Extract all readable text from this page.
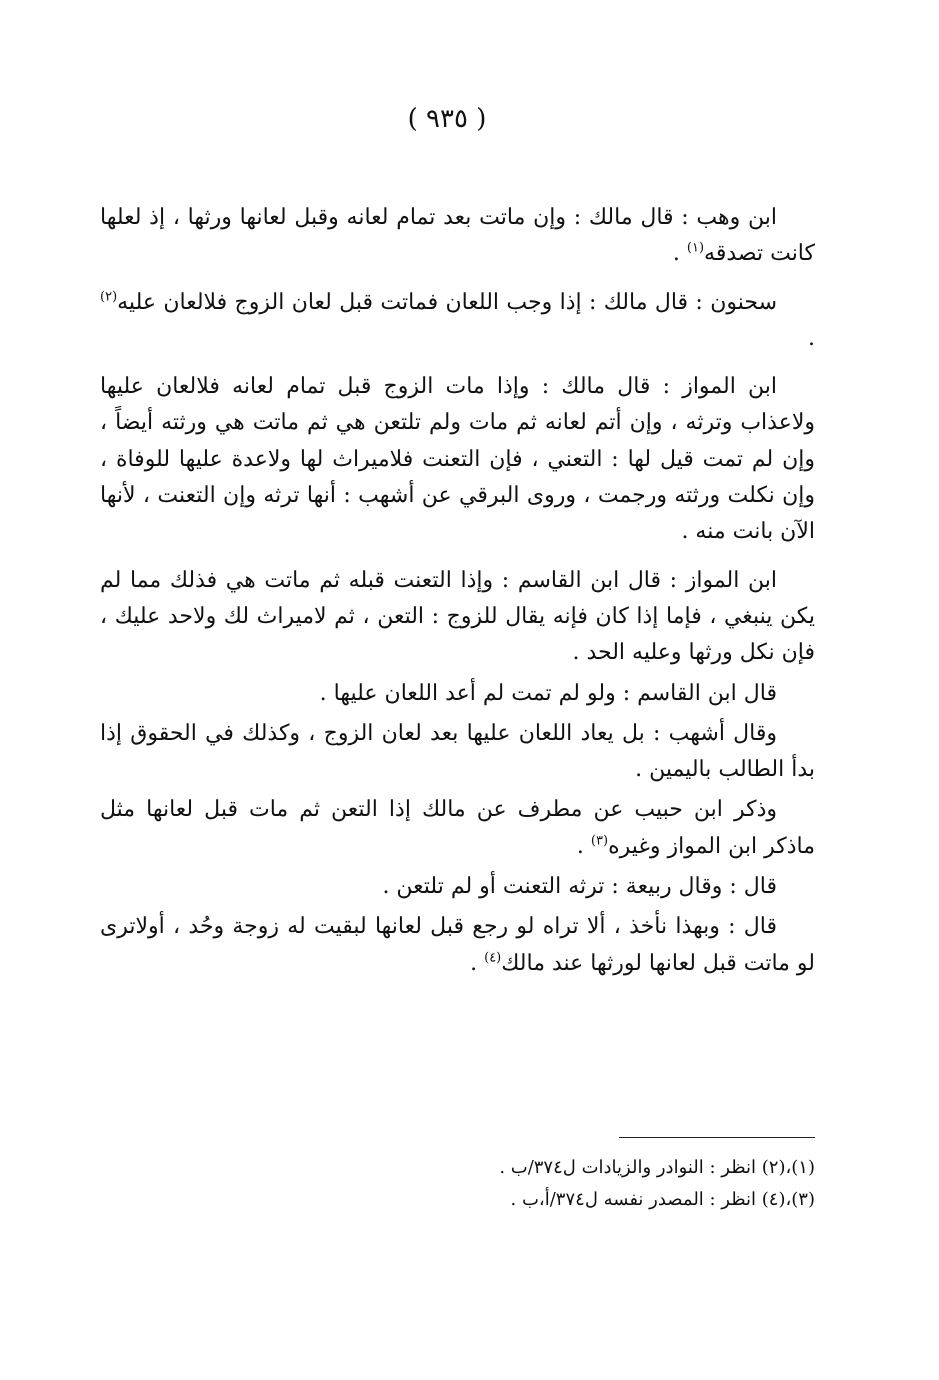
( ٩٣٥ )

ابن وهب : قال مالك : وإن ماتت بعد تمام لعانه وقبل لعانها ورثها ، إذ لعلها كانت تصدقه$^{(١)}$ .

سحنون : قال مالك : إذا وجب اللعان فماتت قبل لعان الزوج فلالعان عليه$^{(٢)}$ .

ابن المواز : قال مالك : وإذا مات الزوج قبل تمام لعانه فلالعان عليها ولاعذاب وترثه ، وإن أتم لعانه ثم مات ولم تلتعن هي ثم ماتت هي ورثته أيضاً ، وإن لم تمت قيل لها : التعني ، فإن التعنت فلاميراث لها ولاعدة عليها للوفاة ، وإن نكلت ورثته ورجمت ، وروى البرقي عن أشهب : أنها ترثه وإن التعنت ، لأنها الآن بانت منه .

ابن المواز : قال ابن القاسم : وإذا التعنت قبله ثم ماتت هي فذلك مما لم يكن ينبغي ، فإما إذا كان فإنه يقال للزوج : التعن ، ثم لاميراث لك ولاحد عليك ، فإن نكل ورثها وعليه الحد .

قال ابن القاسم : ولو لم تمت لم أعد اللعان عليها .

وقال أشهب : بل يعاد اللعان عليها بعد لعان الزوج ، وكذلك في الحقوق إذا بدأ الطالب باليمين .

وذكر ابن حبيب عن مطرف عن مالك إذا التعن ثم مات قبل لعانها مثل ماذكر ابن المواز وغيره$^{(٣)}$ .

قال : وقال ربيعة : ترثه التعنت أو لم تلتعن .

قال : وبهذا نأخذ ، ألا تراه لو رجع قبل لعانها لبقيت له زوجة وحُد ، أولاترى لو ماتت قبل لعانها لورثها عند مالك$^{(٤)}$ .

(١)،(٢) انظر : النوادر والزيادات ل٣٧٤/ب .

(٣)،(٤) انظر : المصدر نفسه ل٣٧٤/أ،ب .
